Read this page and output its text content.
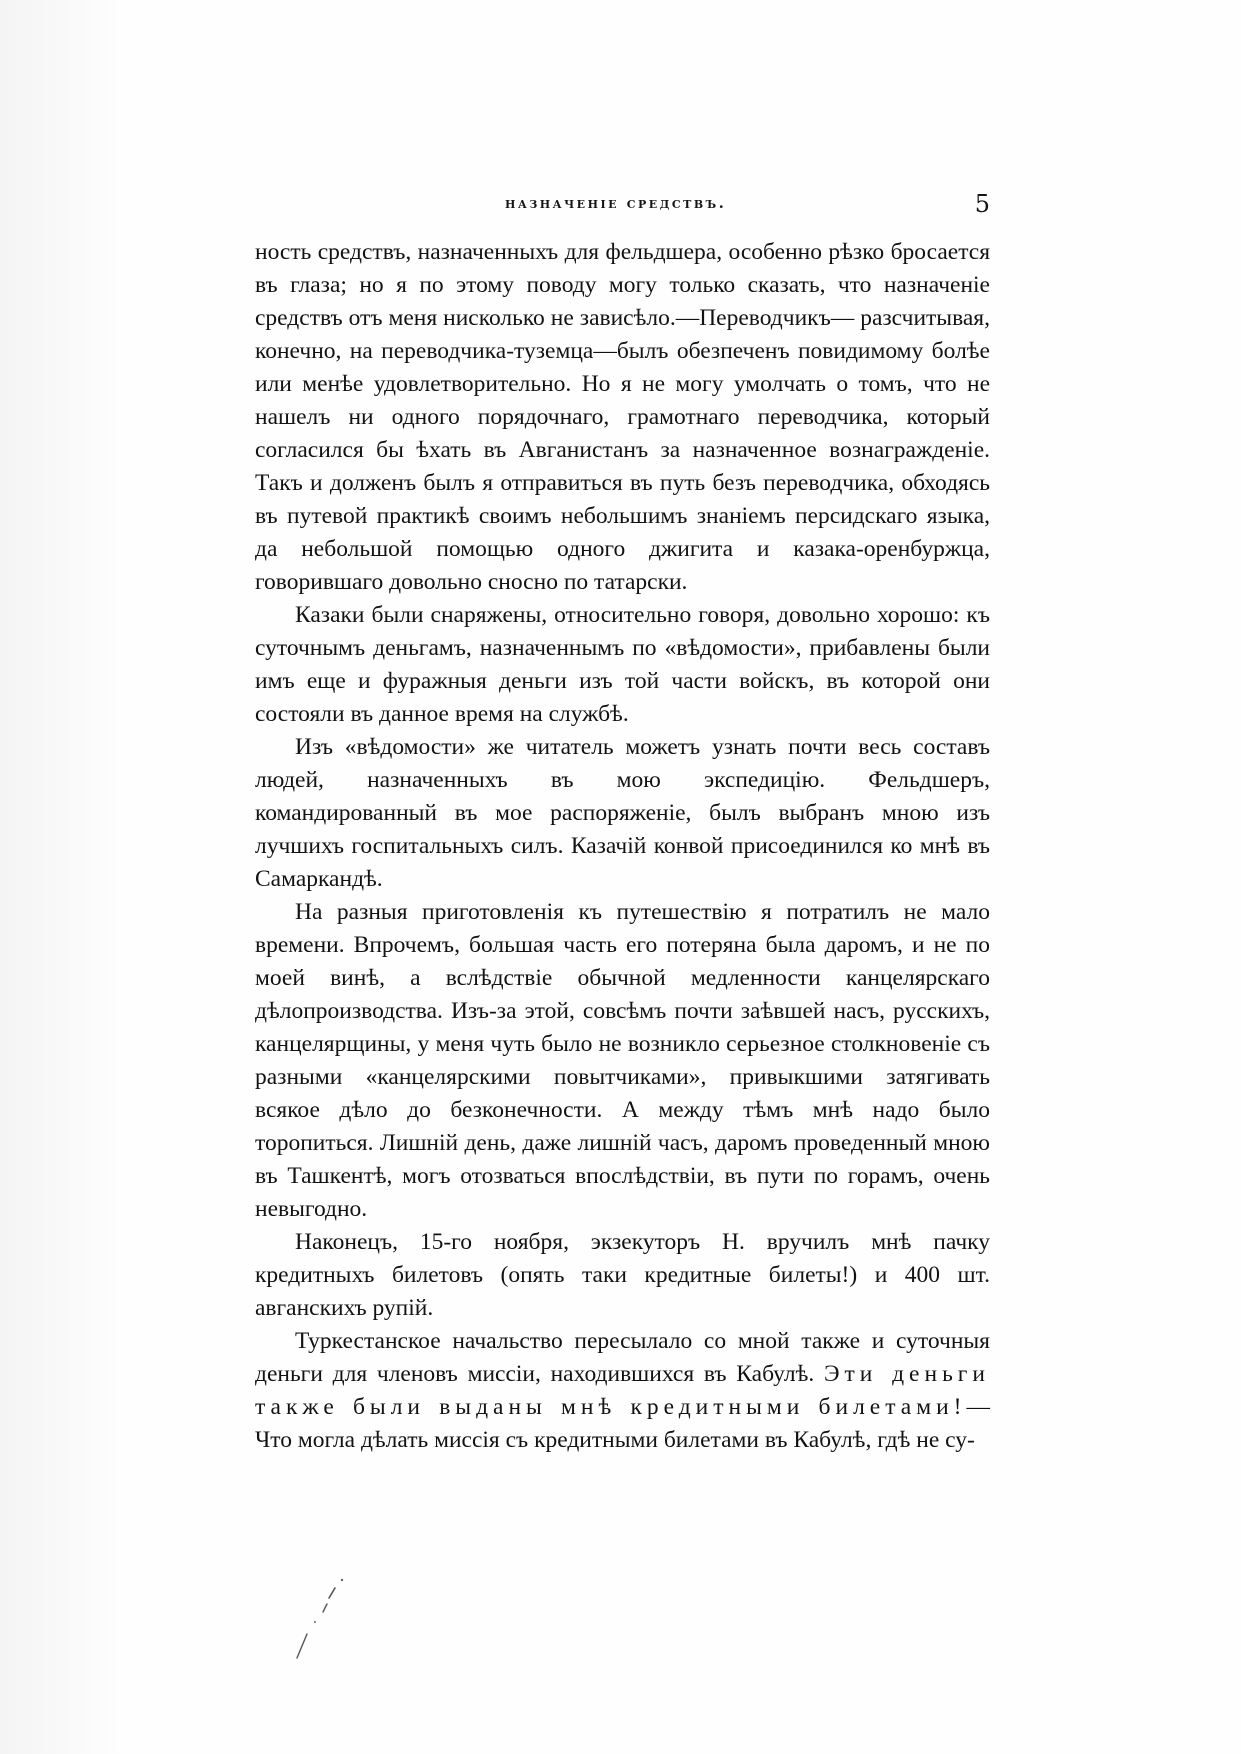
назначеніе средствъ.	5

ность средствъ, назначенныхъ для фельдшера, особенно рѣзко бросается въ глаза; но я по этому поводу могу только сказать, что назначеніе средствъ отъ меня нисколько не зависѣло.—Переводчикъ— разсчитывая, конечно, на переводчика-туземца—былъ обезпеченъ повидимому болѣе или менѣе удовлетворительно. Но я не могу умолчать о томъ, что не нашелъ ни одного порядочнаго, грамотнаго переводчика, который согласился бы ѣхать въ Авганистанъ за назначенное вознагражденіе. Такъ и долженъ былъ я отправиться въ путь безъ переводчика, обходясь въ путевой практикѣ своимъ небольшимъ знаніемъ персидскаго языка, да небольшой помощью одного джигита и казака-оренбуржца, говорившаго довольно сносно по татарски.

Казаки были снаряжены, относительно говоря, довольно хорошо: къ суточнымъ деньгамъ, назначеннымъ по «вѣдомости», прибавлены были имъ еще и фуражныя деньги изъ той части войскъ, въ которой они состояли въ данное время на службѣ.

Изъ «вѣдомости» же читатель можетъ узнать почти весь составъ людей, назначенныхъ въ мою экспедицію. Фельдшеръ, командированный въ мое распоряженіе, былъ выбранъ мною изъ лучшихъ госпитальныхъ силъ. Казачій конвой присоединился ко мнѣ въ Самаркандѣ.

На разныя приготовленія къ путешествію я потратилъ не мало времени. Впрочемъ, большая часть его потеряна была даромъ, и не по моей винѣ, а вслѣдствіе обычной медленности канцелярскаго дѣлопроизводства. Изъ-за этой, совсѣмъ почти заѣвшей насъ, русскихъ, канцелярщины, у меня чуть было не возникло серьезное столкновеніе съ разными «канцелярскими повытчиками», привыкшими затягивать всякое дѣло до безконечности. А между тѣмъ мнѣ надо было торопиться. Лишній день, даже лишній часъ, даромъ проведенный мною въ Ташкентѣ, могъ отозваться впослѣдствіи, въ пути по горамъ, очень невыгодно.

Наконецъ, 15-го ноября, экзекуторъ Н. вручилъ мнѣ пачку кредитныхъ билетовъ (опять таки кредитные билеты!) и 400 шт. авганскихъ рупій.

Туркестанское начальство пересылало со мной также и суточныя деньги для членовъ миссіи, находившихся въ Кабулѣ. Эти деньги также были выданы мнѣ кредитными билетами!—Что могла дѣлать миссія съ кредитными билетами въ Кабулѣ, гдѣ не су-
